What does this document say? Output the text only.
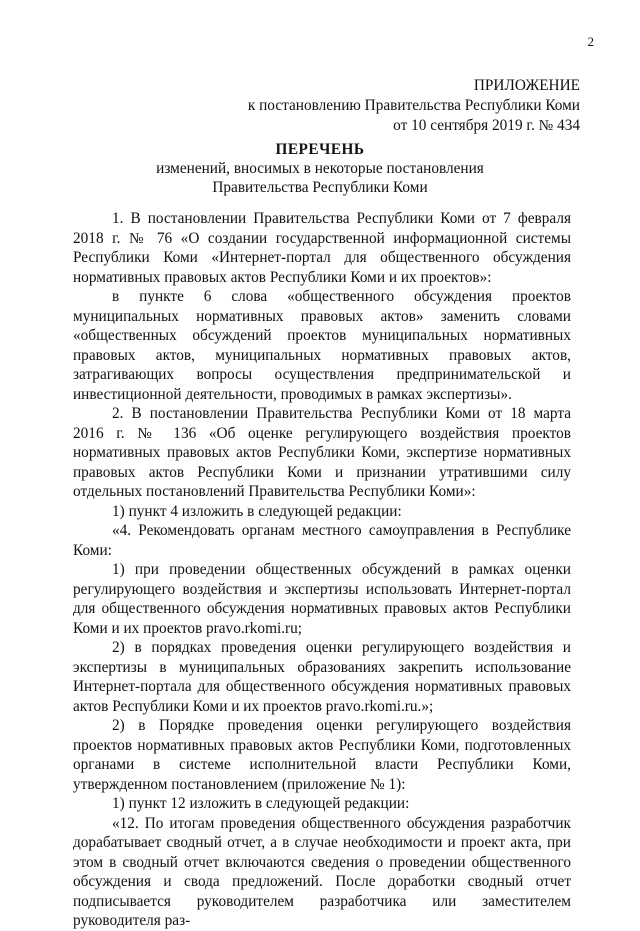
2
ПРИЛОЖЕНИЕ
к постановлению Правительства Республики Коми
от 10 сентября 2019 г. № 434
ПЕРЕЧЕНЬ
изменений, вносимых в некоторые постановления
Правительства Республики Коми

1. В постановлении Правительства Республики Коми от 7 февраля 2018 г. № 76 «О создании государственной информационной системы Республики Коми «Интернет-портал для общественного обсуждения нормативных правовых актов Республики Коми и их проектов»:

в пункте 6 слова «общественного обсуждения проектов муниципальных нормативных правовых актов» заменить словами «общественных обсуждений проектов муниципальных нормативных правовых актов, муниципальных нормативных правовых актов, затрагивающих вопросы осуществления предпринимательской и инвестиционной деятельности, проводимых в рамках экспертизы».

2. В постановлении Правительства Республики Коми от 18 марта 2016 г. № 136 «Об оценке регулирующего воздействия проектов нормативных правовых актов Республики Коми, экспертизе нормативных правовых актов Республики Коми и признании утратившими силу отдельных постановлений Правительства Республики Коми»:

1) пункт 4 изложить в следующей редакции:

«4. Рекомендовать органам местного самоуправления в Республике Коми:

1) при проведении общественных обсуждений в рамках оценки регулирующего воздействия и экспертизы использовать Интернет-портал для общественного обсуждения нормативных правовых актов Республики Коми и их проектов pravo.rkomi.ru;

2) в порядках проведения оценки регулирующего воздействия и экспертизы в муниципальных образованиях закрепить использование Интернет-портала для общественного обсуждения нормативных правовых актов Республики Коми и их проектов pravo.rkomi.ru.»;

2) в Порядке проведения оценки регулирующего воздействия проектов нормативных правовых актов Республики Коми, подготовленных органами в системе исполнительной власти Республики Коми, утвержденном постановлением (приложение № 1):

1) пункт 12 изложить в следующей редакции:

«12. По итогам проведения общественного обсуждения разработчик дорабатывает сводный отчет, а в случае необходимости и проект акта, при этом в сводный отчет включаются сведения о проведении общественного обсуждения и свода предложений. После доработки сводный отчет подписывается руководителем разработчика или заместителем руководителя раз-
